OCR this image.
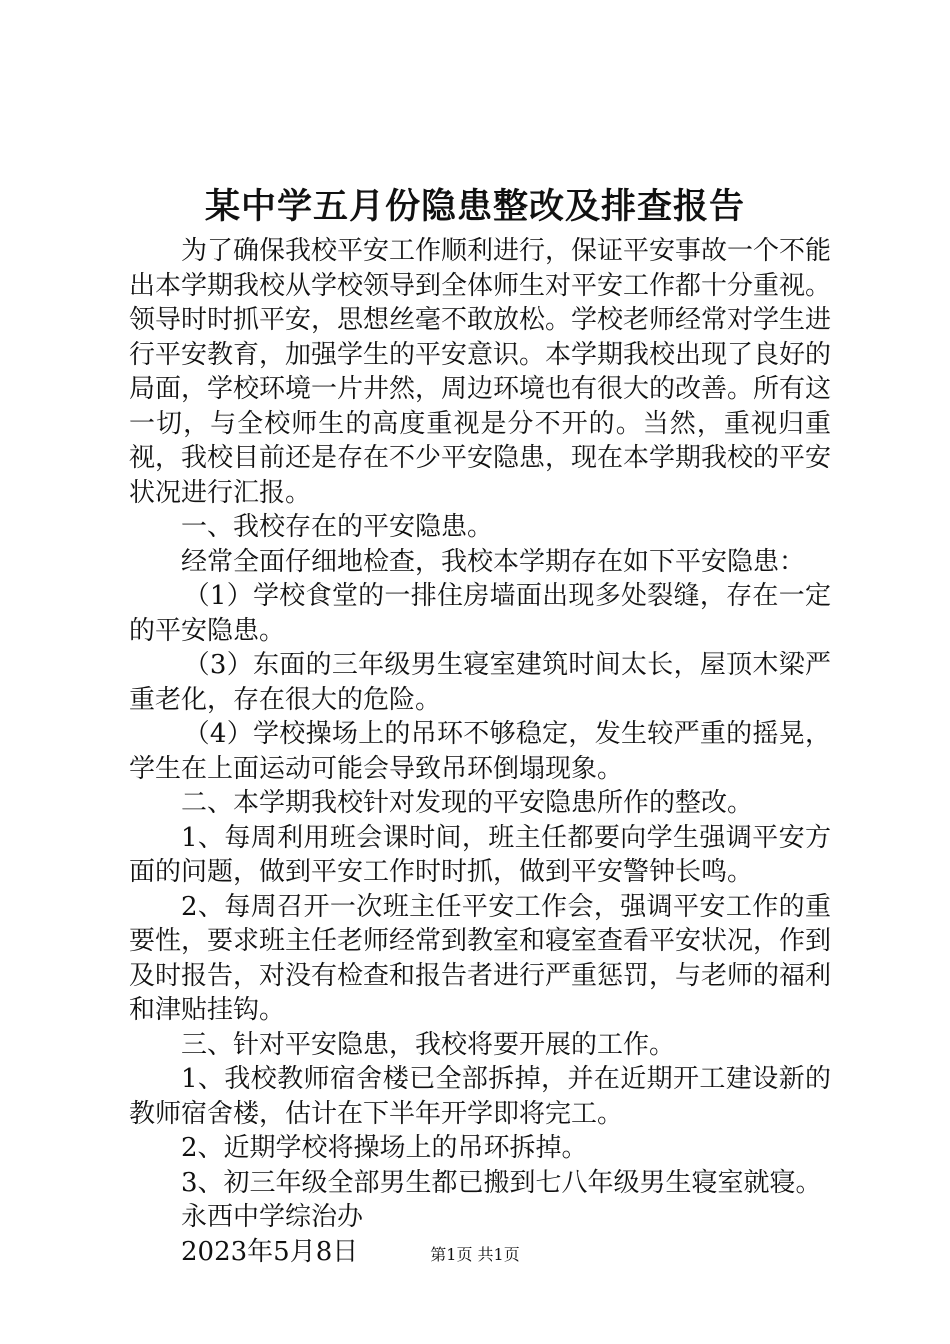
某中学五月份隐患整改及排查报告

为了确保我校平安工作顺利进行，保证平安事故一个不能出本学期我校从学校领导到全体师生对平安工作都十分重视。领导时时抓平安，思想丝毫不敢放松。学校老师经常对学生进行平安教育，加强学生的平安意识。本学期我校出现了良好的局面，学校环境一片井然，周边环境也有很大的改善。所有这一切，与全校师生的高度重视是分不开的。当然，重视归重视，我校目前还是存在不少平安隐患，现在本学期我校的平安状况进行汇报。

一、我校存在的平安隐患。

经常全面仔细地检查，我校本学期存在如下平安隐患：

（1）学校食堂的一排住房墙面出现多处裂缝，存在一定的平安隐患。

（3）东面的三年级男生寝室建筑时间太长，屋顶木梁严重老化，存在很大的危险。

（4）学校操场上的吊环不够稳定，发生较严重的摇晃，学生在上面运动可能会导致吊环倒塌现象。

二、本学期我校针对发现的平安隐患所作的整改。

1、每周利用班会课时间，班主任都要向学生强调平安方面的问题，做到平安工作时时抓，做到平安警钟长鸣。

2、每周召开一次班主任平安工作会，强调平安工作的重要性，要求班主任老师经常到教室和寝室查看平安状况，作到及时报告，对没有检查和报告者进行严重惩罚，与老师的福利和津贴挂钩。

三、针对平安隐患，我校将要开展的工作。

1、我校教师宿舍楼已全部拆掉，并在近期开工建设新的教师宿舍楼，估计在下半年开学即将完工。

2、近期学校将操场上的吊环拆掉。

3、初三年级全部男生都已搬到七八年级男生寝室就寝。

永西中学综治办

2023年5月8日	第1页 共1页
